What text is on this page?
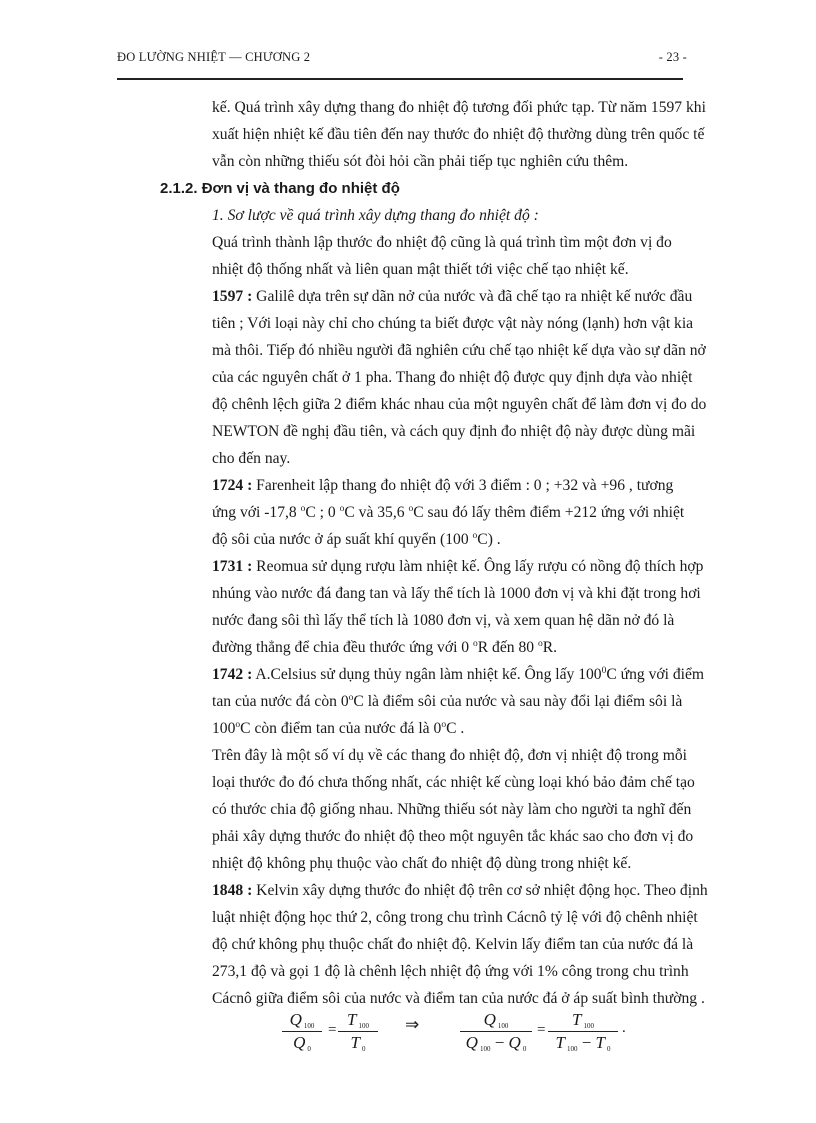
ĐO LƯỜNG NHIỆT — CHƯƠNG 2	- 23 -
kế. Quá trình xây dựng thang đo nhiệt độ tương đối phức tạp. Từ năm 1597 khi
xuất hiện nhiệt kế đầu tiên đến nay thước đo nhiệt độ thường dùng trên quốc tế
vẫn còn những thiếu sót đòi hỏi cần phải tiếp tục nghiên cứu thêm.
2.1.2. Đơn vị và thang đo nhiệt độ
1. Sơ lược về quá trình xây dựng thang đo nhiệt độ :
Quá trình thành lập thước đo nhiệt độ cũng là quá trình tìm một đơn vị đo
nhiệt độ thống nhất và liên quan mật thiết tới việc chế tạo nhiệt kế.
1597 : Galilê dựa trên sự dãn nở của nước và đã chế tạo ra nhiệt kế nước đầu
tiên ; Với loại này chỉ cho chúng ta biết được vật này nóng (lạnh) hơn vật kia
mà thôi. Tiếp đó nhiều người đã nghiên cứu chế tạo nhiệt kế dựa vào sự dãn nở
của các nguyên chất ở 1 pha. Thang đo nhiệt độ được quy định dựa vào nhiệt
độ chênh lệch giữa 2 điểm khác nhau của một nguyên chất để làm đơn vị đo do
NEWTON đề nghị đầu tiên, và cách quy định đo nhiệt độ này được dùng mãi
cho đến nay.
1724 : Farenheit lập thang đo nhiệt độ với 3 điểm : 0 ; +32 và +96 , tương
ứng với -17,8 $^o$C ; 0 $^o$C và 35,6 $^o$C sau đó lấy thêm điểm +212 ứng với nhiệt
độ sôi của nước ở áp suất khí quyển (100 $^o$C) .
1731 : Reomua sử dụng rượu làm nhiệt kế. Ông lấy rượu có nồng độ thích hợp
nhúng vào nước đá đang tan và lấy thể tích là 1000 đơn vị và khi đặt trong hơi
nước đang sôi thì lấy thể tích là 1080 đơn vị, và xem quan hệ dãn nở đó là
đường thẳng để chia đều thước ứng với 0 $^o$R đến 80 $^o$R.
1742 : A.Celsius sử dụng thủy ngân làm nhiệt kế. Ông lấy $100^0C$ ứng với điểm
tan của nước đá còn 0$^o$C là điểm sôi của nước và sau này đổi lại điểm sôi là
100$^o$C còn điểm tan của nước đá là 0$^o$C .
Trên đây là một số ví dụ về các thang đo nhiệt độ, đơn vị nhiệt độ trong mỗi
loại thước đo đó chưa thống nhất, các nhiệt kế cùng loại khó bảo đảm chế tạo
có thước chia độ giống nhau. Những thiếu sót này làm cho người ta nghĩ đến
phải xây dựng thước đo nhiệt độ theo một nguyên tắc khác sao cho đơn vị đo
nhiệt độ không phụ thuộc vào chất đo nhiệt độ dùng trong nhiệt kế.
1848 : Kelvin xây dựng thước đo nhiệt độ trên cơ sở nhiệt động học. Theo định
luật nhiệt động học thứ 2, công trong chu trình Cácnô tỷ lệ với độ chênh nhiệt
độ chứ không phụ thuộc chất đo nhiệt độ. Kelvin lấy điểm tan của nước đá là
273,1 độ và gọi 1 độ là chênh lệch nhiệt độ ứng với 1% công trong chu trình
Cácnô giữa điểm sôi của nước và điểm tan của nước đá ở áp suất bình thường .
Q 100
Q 0
=
T 100
T 0
⇒	Q 100
Q 100 − Q 0
=
T 100
T 100 − T 0
.
